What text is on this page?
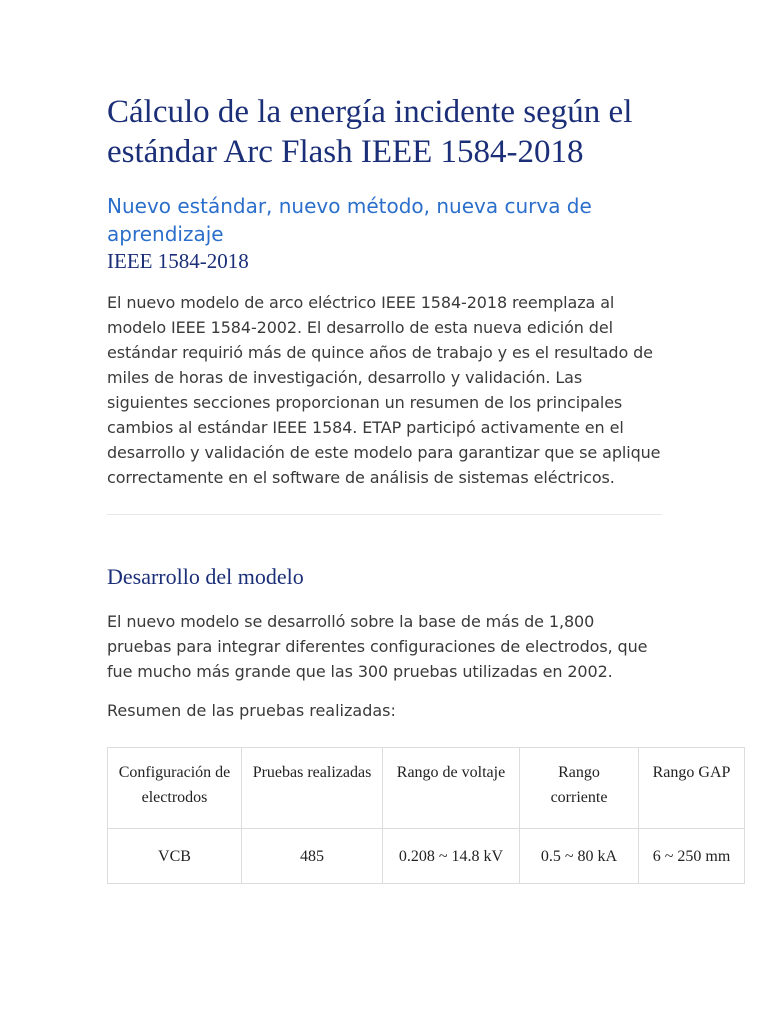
Cálculo de la energía incidente según el estándar Arc Flash IEEE 1584-2018
Nuevo estándar, nuevo método, nueva curva de aprendizaje
IEEE 1584-2018

El nuevo modelo de arco eléctrico IEEE 1584-2018 reemplaza al modelo IEEE 1584-2002. El desarrollo de esta nueva edición del estándar requirió más de quince años de trabajo y es el resultado de miles de horas de investigación, desarrollo y validación. Las siguientes secciones proporcionan un resumen de los principales cambios al estándar IEEE 1584. ETAP participó activamente en el desarrollo y validación de este modelo para garantizar que se aplique correctamente en el software de análisis de sistemas eléctricos.

Desarrollo del modelo

El nuevo modelo se desarrolló sobre la base de más de 1,800 pruebas para integrar diferentes configuraciones de electrodos, que fue mucho más grande que las 300 pruebas utilizadas en 2002.

Resumen de las pruebas realizadas:

Configuración de electrodos	Pruebas realizadas	Rango de voltaje	Rango corriente	Rango GAP
VCB	485	0.208 ~ 14.8 kV	0.5 ~ 80 kA	6 ~ 250 mm
